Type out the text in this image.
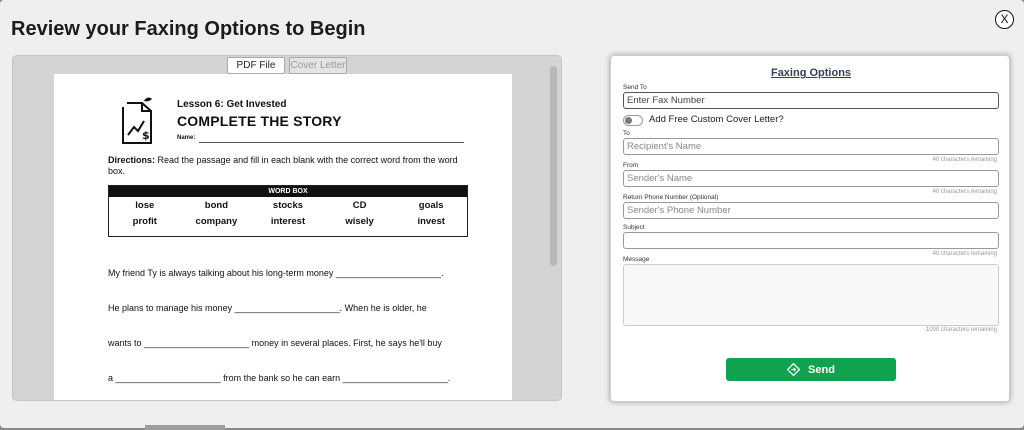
Review your Faxing Options to Begin	X
PDF File	Cover Letter
$
Lesson 6: Get Invested
COMPLETE THE STORY
Name:
Directions: Read the passage and fill in each blank with the correct word from the word box.
WORD BOX
lose	bond	stocks	CD	goals
profit	company	interest	wisely	invest
My friend Ty is always talking about his long-term money _____________________.
He plans to manage his money _____________________. When he is older, he
wants to _____________________ money in several places. First, he says he'll buy
a _____________________ from the bank so he can earn _____________________.
Faxing Options
Send To
Enter Fax Number
Add Free Custom Cover Letter?
To
Recipient's Name
40 characters remaining
From
Sender's Name
40 characters remaining
Return Phone Number (Optional)
Sender's Phone Number
Subject
40 characters remaining
Message
1000 characters remaining
Send
